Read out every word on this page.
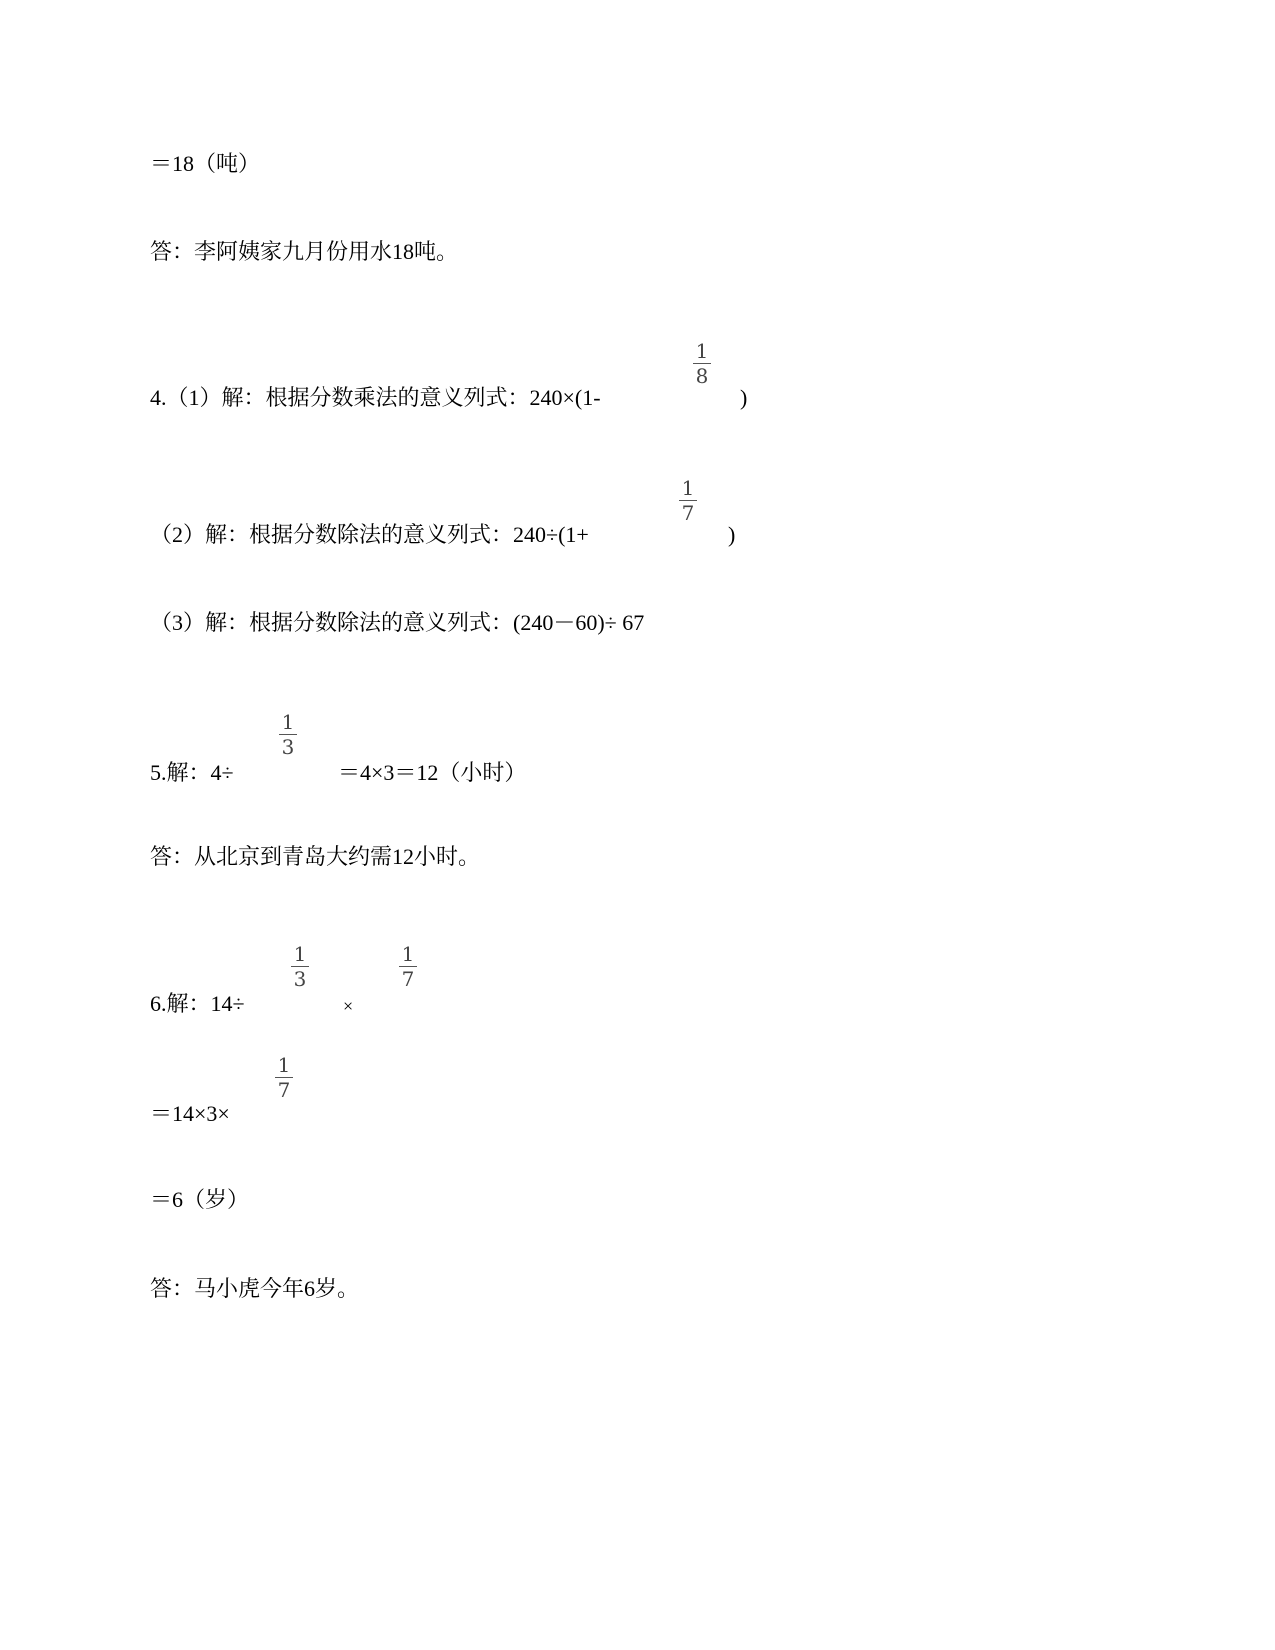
＝18（吨）
答：李阿姨家九月份用水18吨。
4.（1）解：根据分数乘法的意义列式：240×(1-
1
8
)
（2）解：根据分数除法的意义列式：240÷(1+
1
7
)
（3）解：根据分数除法的意义列式：(240－60)÷ 67
5.解：4÷
1
3
＝4×3＝12（小时）
答：从北京到青岛大约需12小时。
6.解：14÷
1
3
×
1
7
＝14×3×
1
7
＝6（岁）
答：马小虎今年6岁。
